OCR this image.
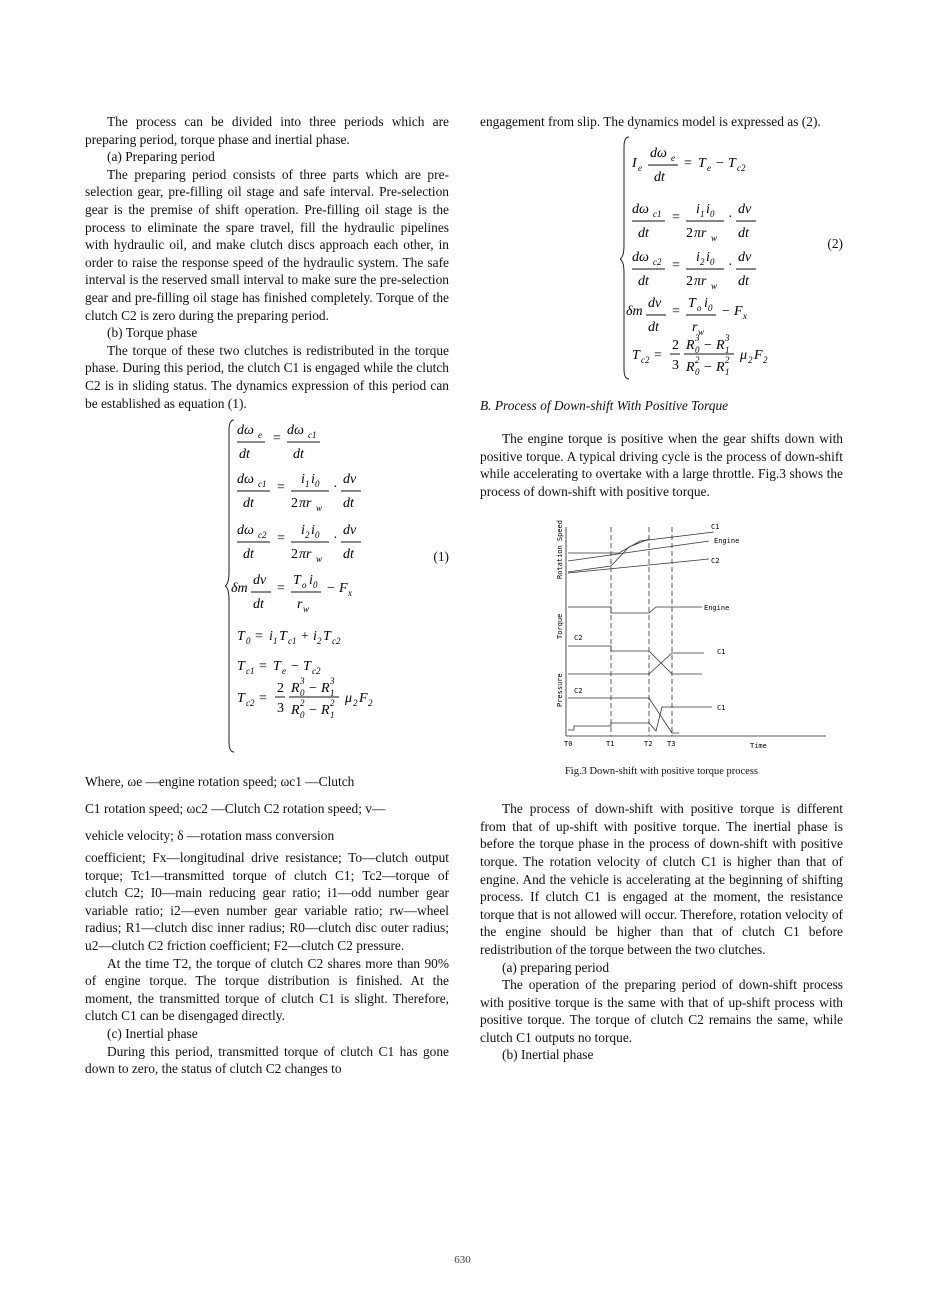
The process can be divided into three periods which are preparing period, torque phase and inertial phase.

(a) Preparing period

The preparing period consists of three parts which are pre-selection gear, pre-filling oil stage and safe interval. Pre-selection gear is the premise of shift operation. Pre-filling oil stage is the process to eliminate the spare travel, fill the hydraulic pipelines with hydraulic oil, and make clutch discs approach each other, in order to raise the response speed of the hydraulic system. The safe interval is the reserved small interval to make sure the pre-selection gear and pre-filling oil stage has finished completely. Torque of the clutch C2 is zero during the preparing period.

(b) Torque phase

The torque of these two clutches is redistributed in the torque phase. During this period, the clutch C1 is engaged while the clutch C2 is in sliding status. The dynamics expression of this period can be established as equation (1).

dω e
dt
=
dω c1
dt
dω c1
dt
=
i 1 i 0
2 πr w
·
dv
dt
dω c2
dt
=
i 2 i 0
2 πr w
·
dv
dt
δm
dv
dt
=
T o i 0
r w
− F x
T 0 = i 1 T c1 + i 2 T c2
T c1 = T e − T c2
T c2 =
2
3
R 3
0 − R 3
1
R 2
0 − R 2
1
μ 2 F 2
(1)

Where, ωe —engine rotation speed; ωc1 —Clutch

C1 rotation speed; ωc2 —Clutch C2 rotation speed; v—

vehicle velocity; δ —rotation mass conversion

coefficient; Fx—longitudinal drive resistance; To—clutch output torque; Tc1—transmitted torque of clutch C1; Tc2—torque of clutch C2; I0—main reducing gear ratio; i1—odd number gear variable ratio; i2—even number gear variable ratio; rw—wheel radius; R1—clutch disc inner radius; R0—clutch disc outer radius; u2—clutch C2 friction coefficient; F2—clutch C2 pressure.

At the time T2, the torque of clutch C2 shares more than 90% of engine torque. The torque distribution is finished. At the moment, the transmitted torque of clutch C1 is slight. Therefore, clutch C1 can be disengaged directly.

(c) Inertial phase

During this period, transmitted torque of clutch C1 has gone down to zero, the status of clutch C2 changes to

engagement from slip. The dynamics model is expressed as (2).

I e
dω e
dt
= T e − T c2
dω c1
dt
=
i 1 i 0
2 πr w
·
dv
dt
dω c2
dt
=
i 2 i 0
2 πr w
·
dv
dt
δm
dv
dt
=
T o i 0
r w
− F x
T c2 =
2
3
R 3
0 − R 3
1
R 2
0 − R 2
1
μ 2 F 2
(2)

B. Process of Down-shift With Positive Torque

The engine torque is positive when the gear shifts down with positive torque. A typical driving cycle is the process of down-shift while accelerating to overtake with a large throttle. Fig.3 shows the process of down-shift with positive torque.

Rotation Speed
Torque
Pressure
C1
Engine
C2
Engine
C1
C2
C2
C1
T0	T1	T2 T3	Time

Fig.3 Down-shift with positive torque process

The process of down-shift with positive torque is different from that of up-shift with positive torque. The inertial phase is before the torque phase in the process of down-shift with positive torque. The rotation velocity of clutch C1 is higher than that of engine. And the vehicle is accelerating at the beginning of shifting process. If clutch C1 is engaged at the moment, the resistance torque that is not allowed will occur. Therefore, rotation velocity of the engine should be higher than that of clutch C1 before redistribution of the torque between the two clutches.

(a) preparing period

The operation of the preparing period of down-shift process with positive torque is the same with that of up-shift process with positive torque. The torque of clutch C2 remains the same, while clutch C1 outputs no torque.

(b) Inertial phase

630
